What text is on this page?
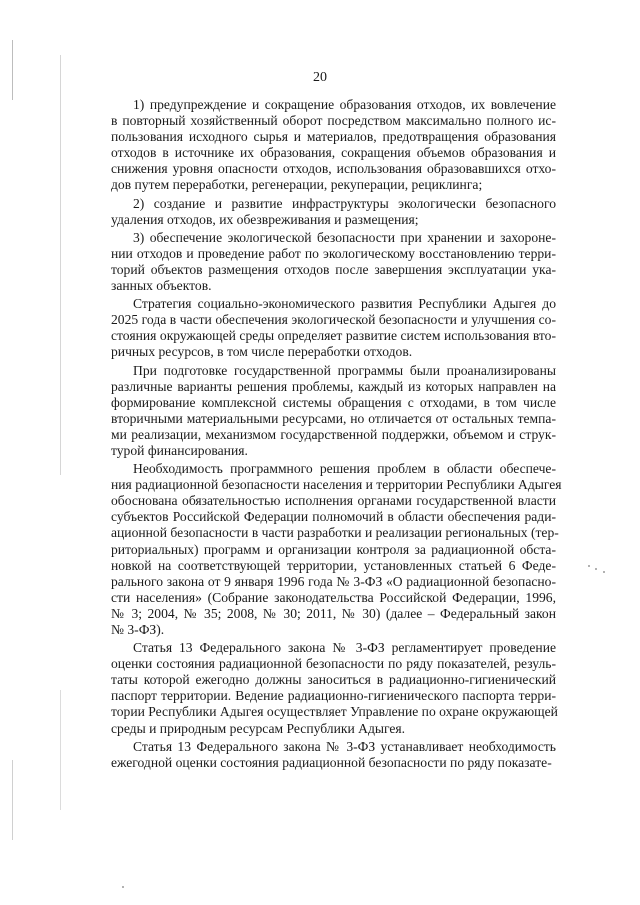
20

1) предупреждение и сокращение образования отходов, их вовлечение
в повторный хозяйственный оборот посредством максимально полного ис-
пользования исходного сырья и материалов, предотвращения образования
отходов в источнике их образования, сокращения объемов образования и
снижения уровня опасности отходов, использования образовавшихся отхо-
дов путем переработки, регенерации, рекуперации, рециклинга;

2) создание и развитие инфраструктуры экологически безопасного
удаления отходов, их обезвреживания и размещения;

3) обеспечение экологической безопасности при хранении и захороне-
нии отходов и проведение работ по экологическому восстановлению терри-
торий объектов размещения отходов после завершения эксплуатации ука-
занных объектов.

Стратегия социально-экономического развития Республики Адыгея до
2025 года в части обеспечения экологической безопасности и улучшения со-
стояния окружающей среды определяет развитие систем использования вто-
ричных ресурсов, в том числе переработки отходов.

При подготовке государственной программы были проанализированы
различные варианты решения проблемы, каждый из которых направлен на
формирование комплексной системы обращения с отходами, в том числе
вторичными материальными ресурсами, но отличается от остальных темпа-
ми реализации, механизмом государственной поддержки, объемом и струк-
турой финансирования.

Необходимость программного решения проблем в области обеспече-
ния радиационной безопасности населения и территории Республики Адыгея
обоснована обязательностью исполнения органами государственной власти
субъектов Российской Федерации полномочий в области обеспечения ради-
ационной безопасности в части разработки и реализации региональных (тер-
риториальных) программ и организации контроля за радиационной обста-
новкой на соответствующей территории, установленных статьей 6 Феде-
рального закона от 9 января 1996 года № 3-ФЗ «О радиационной безопасно-
сти населения» (Собрание законодательства Российской Федерации, 1996,
№ 3; 2004, № 35; 2008, № 30; 2011, № 30) (далее – Федеральный закон
№ 3-ФЗ).

Статья 13 Федерального закона № 3-ФЗ регламентирует проведение
оценки состояния радиационной безопасности по ряду показателей, резуль-
таты которой ежегодно должны заноситься в радиационно-гигиенический
паспорт территории. Ведение радиационно-гигиенического паспорта терри-
тории Республики Адыгея осуществляет Управление по охране окружающей
среды и природным ресурсам Республики Адыгея.

Статья 13 Федерального закона № 3-ФЗ устанавливает необходимость
ежегодной оценки состояния радиационной безопасности по ряду показате-
